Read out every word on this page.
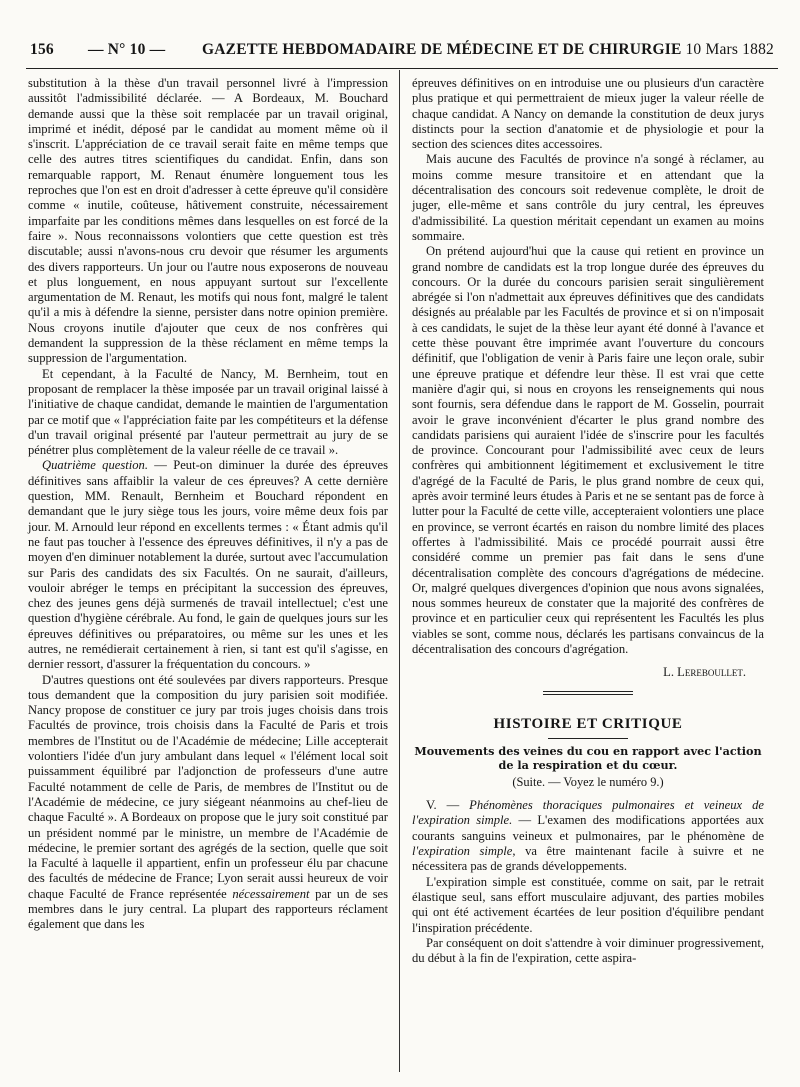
156 — N° 10 — GAZETTE HEBDOMADAIRE DE MÉDECINE ET DE CHIRURGIE 10 Mars 1882

substitution à la thèse d'un travail personnel livré à l'impression aussitôt l'admissibilité déclarée. — A Bordeaux, M. Bouchard demande aussi que la thèse soit remplacée par un travail original, imprimé et inédit, déposé par le candidat au moment même où il s'inscrit. L'appréciation de ce travail serait faite en même temps que celle des autres titres scientifiques du candidat. Enfin, dans son remarquable rapport, M. Renaut énumère longuement tous les reproches que l'on est en droit d'adresser à cette épreuve qu'il considère comme « inutile, coûteuse, hâtivement construite, nécessairement imparfaite par les conditions mêmes dans lesquelles on est forcé de la faire ». Nous reconnaissons volontiers que cette question est très discutable; aussi n'avons-nous cru devoir que résumer les arguments des divers rapporteurs. Un jour ou l'autre nous exposerons de nouveau et plus longuement, en nous appuyant surtout sur l'excellente argumentation de M. Renaut, les motifs qui nous font, malgré le talent qu'il a mis à défendre la sienne, persister dans notre opinion première. Nous croyons inutile d'ajouter que ceux de nos confrères qui demandent la suppression de la thèse réclament en même temps la suppression de l'argumentation.

Et cependant, à la Faculté de Nancy, M. Bernheim, tout en proposant de remplacer la thèse imposée par un travail original laissé à l'initiative de chaque candidat, demande le maintien de l'argumentation par ce motif que « l'appréciation faite par les compétiteurs et la défense d'un travail original présenté par l'auteur permettrait au jury de se pénétrer plus complètement de la valeur réelle de ce travail ».

Quatrième question. — Peut-on diminuer la durée des épreuves définitives sans affaiblir la valeur de ces épreuves? A cette dernière question, MM. Renault, Bernheim et Bouchard répondent en demandant que le jury siège tous les jours, voire même deux fois par jour. M. Arnould leur répond en excellents termes : « Étant admis qu'il ne faut pas toucher à l'essence des épreuves définitives, il n'y a pas de moyen d'en diminuer notablement la durée, surtout avec l'accumulation sur Paris des candidats des six Facultés. On ne saurait, d'ailleurs, vouloir abréger le temps en précipitant la succession des épreuves, chez des jeunes gens déjà surmenés de travail intellectuel; c'est une question d'hygiène cérébrale. Au fond, le gain de quelques jours sur les épreuves définitives ou préparatoires, ou même sur les unes et les autres, ne remédierait certainement à rien, si tant est qu'il s'agisse, en dernier ressort, d'assurer la fréquentation du concours. »

D'autres questions ont été soulevées par divers rapporteurs. Presque tous demandent que la composition du jury parisien soit modifiée. Nancy propose de constituer ce jury par trois juges choisis dans trois Facultés de province, trois choisis dans la Faculté de Paris et trois membres de l'Institut ou de l'Académie de médecine; Lille accepterait volontiers l'idée d'un jury ambulant dans lequel « l'élément local soit puissamment équilibré par l'adjonction de professeurs d'une autre Faculté notamment de celle de Paris, de membres de l'Institut ou de l'Académie de médecine, ce jury siégeant néanmoins au chef-lieu de chaque Faculté ». A Bordeaux on propose que le jury soit constitué par un président nommé par le ministre, un membre de l'Académie de médecine, le premier sortant des agrégés de la section, quelle que soit la Faculté à laquelle il appartient, enfin un professeur élu par chacune des facultés de médecine de France; Lyon serait aussi heureux de voir chaque Faculté de France représentée nécessairement par un de ses membres dans le jury central. La plupart des rapporteurs réclament également que dans les

épreuves définitives on en introduise une ou plusieurs d'un caractère plus pratique et qui permettraient de mieux juger la valeur réelle de chaque candidat. A Nancy on demande la constitution de deux jurys distincts pour la section d'anatomie et de physiologie et pour la section des sciences dites accessoires.

Mais aucune des Facultés de province n'a songé à réclamer, au moins comme mesure transitoire et en attendant que la décentralisation des concours soit redevenue complète, le droit de juger, elle-même et sans contrôle du jury central, les épreuves d'admissibilité. La question méritait cependant un examen au moins sommaire.

On prétend aujourd'hui que la cause qui retient en province un grand nombre de candidats est la trop longue durée des épreuves du concours. Or la durée du concours parisien serait singulièrement abrégée si l'on n'admettait aux épreuves définitives que des candidats désignés au préalable par les Facultés de province et si on n'imposait à ces candidats, le sujet de la thèse leur ayant été donné à l'avance et cette thèse pouvant être imprimée avant l'ouverture du concours définitif, que l'obligation de venir à Paris faire une leçon orale, subir une épreuve pratique et défendre leur thèse. Il est vrai que cette manière d'agir qui, si nous en croyons les renseignements qui nous sont fournis, sera défendue dans le rapport de M. Gosselin, pourrait avoir le grave inconvénient d'écarter le plus grand nombre des candidats parisiens qui auraient l'idée de s'inscrire pour les facultés de province. Concourant pour l'admissibilité avec ceux de leurs confrères qui ambitionnent légitimement et exclusivement le titre d'agrégé de la Faculté de Paris, le plus grand nombre de ceux qui, après avoir terminé leurs études à Paris et ne se sentant pas de force à lutter pour la Faculté de cette ville, accepteraient volontiers une place en province, se verront écartés en raison du nombre limité des places offertes à l'admissibilité. Mais ce procédé pourrait aussi être considéré comme un premier pas fait dans le sens d'une décentralisation complète des concours d'agrégations de médecine. Or, malgré quelques divergences d'opinion que nous avons signalées, nous sommes heureux de constater que la majorité des confrères de province et en particulier ceux qui représentent les Facultés les plus viables se sont, comme nous, déclarés les partisans convaincus de la décentralisation des concours d'agrégation.

L. Lereboullet.
HISTOIRE ET CRITIQUE
Mouvements des veines du cou en rapport avec l'action de la respiration et du cœur.
(Suite. — Voyez le numéro 9.)

V. — Phénomènes thoraciques pulmonaires et veineux de l'expiration simple. — L'examen des modifications apportées aux courants sanguins veineux et pulmonaires, par le phénomène de l'expiration simple, va être maintenant facile à suivre et ne nécessitera pas de grands développements.

L'expiration simple est constituée, comme on sait, par le retrait élastique seul, sans effort musculaire adjuvant, des parties mobiles qui ont été activement écartées de leur position d'équilibre pendant l'inspiration précédente.

Par conséquent on doit s'attendre à voir diminuer progressivement, du début à la fin de l'expiration, cette aspira-
